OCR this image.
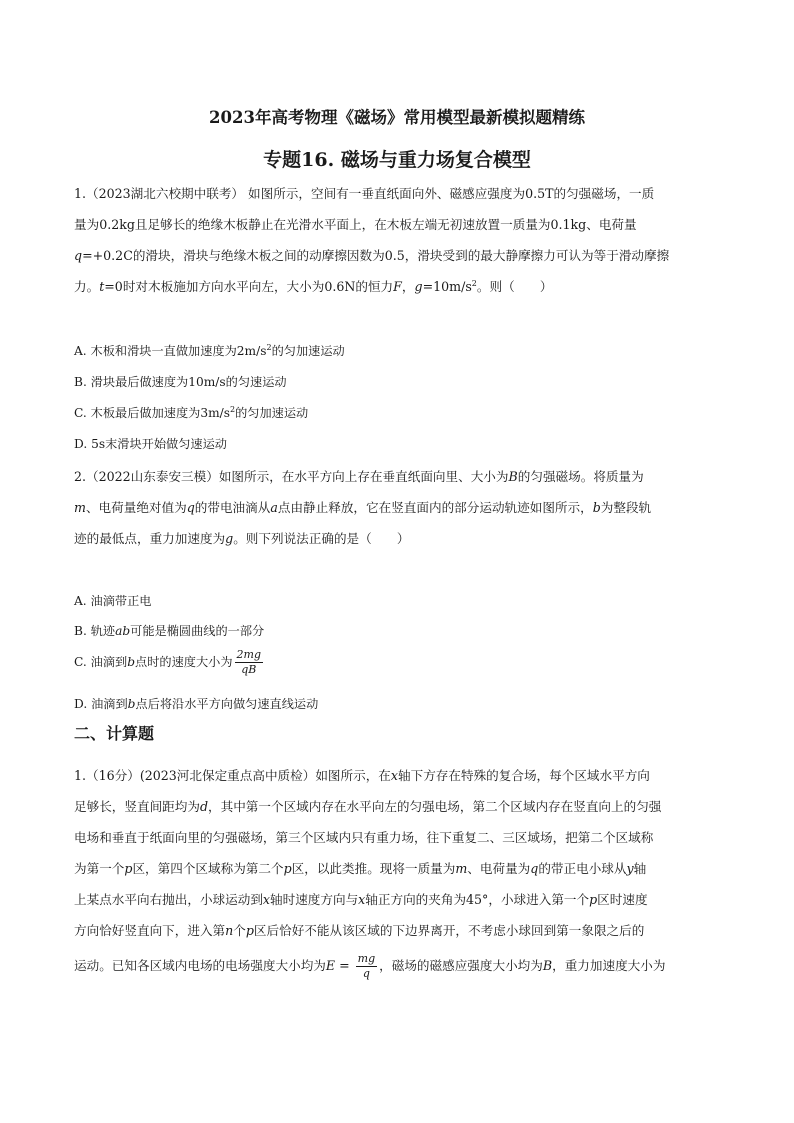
2023年高考物理《磁场》常用模型最新模拟题精练
专题16. 磁场与重力场复合模型
1.（2023湖北六校期中联考） 如图所示，空间有一垂直纸面向外、磁感应强度为0.5T的匀强磁场，一质
量为0.2kg且足够长的绝缘木板静止在光滑水平面上，在木板左端无初速放置一质量为0.1kg、电荷量
q=+0.2C的滑块，滑块与绝缘木板之间的动摩擦因数为0.5，滑块受到的最大静摩擦力可认为等于滑动摩擦
力。t=0时对木板施加方向水平向左，大小为0.6N的恒力F，$g=10m/s^2$。则（　　）
A. 木板和滑块一直做加速度为$2m/s^2$的匀加速运动
B. 滑块最后做速度为10m/s的匀速运动
C. 木板最后做加速度为$3m/s^2$的匀加速运动
D. 5s末滑块开始做匀速运动
2.（2022山东泰安三模）如图所示，在水平方向上存在垂直纸面向里、大小为B的匀强磁场。将质量为
m、电荷量绝对值为q的带电油滴从a点由静止释放，它在竖直面内的部分运动轨迹如图所示，b为整段轨
迹的最低点，重力加速度为g。则下列说法正确的是（　　）
A. 油滴带正电
B. 轨迹ab可能是椭圆曲线的一部分
C. 油滴到b点时的速度大小为 $\frac{2mg}{qB}$
D. 油滴到b点后将沿水平方向做匀速直线运动
二、计算题
1.（16分）(2023河北保定重点高中质检）如图所示，在x轴下方存在特殊的复合场，每个区域水平方向
足够长，竖直间距均为d，其中第一个区域内存在水平向左的匀强电场，第二个区域内存在竖直向上的匀强
电场和垂直于纸面向里的匀强磁场，第三个区域内只有重力场，往下重复二、三区域场，把第二个区域称
为第一个p区，第四个区域称为第二个p区，以此类推。现将一质量为m、电荷量为q的带正电小球从y轴
上某点水平向右抛出，小球运动到x轴时速度方向与x轴正方向的夹角为45°，小球进入第一个p区时速度
方向恰好竖直向下，进入第n个p区后恰好不能从该区域的下边界离开，不考虑小球回到第一象限之后的
运动。已知各区域内电场的电场强度大小均为$E = \frac{mg}{q}$ ，磁场的磁感应强度大小均为B，重力加速度大小为
